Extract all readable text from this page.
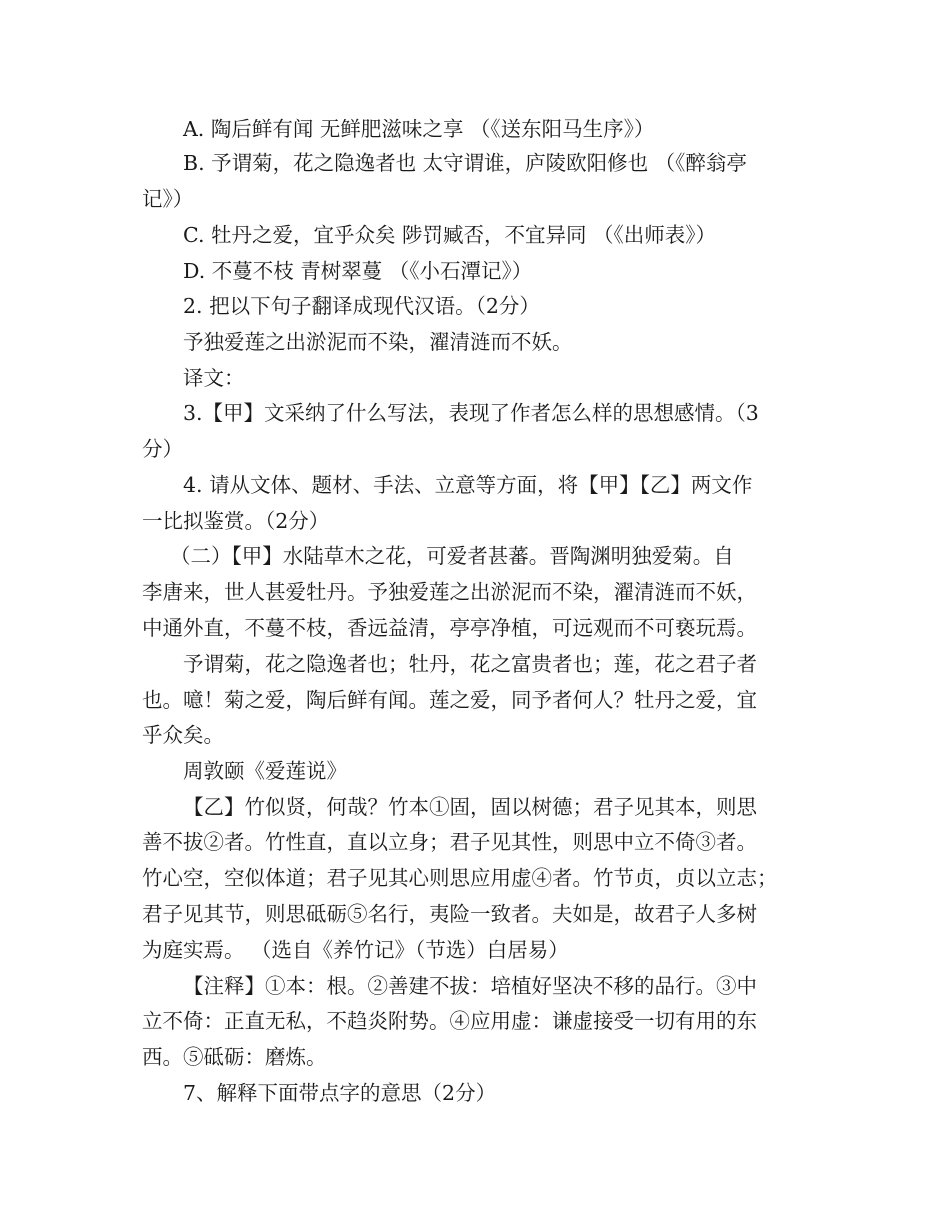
A. 陶后鲜有闻 无鲜肥滋味之享 （《送东阳马生序》）
B. 予谓菊，花之隐逸者也 太守谓谁，庐陵欧阳修也 （《醉翁亭
记》）
C. 牡丹之爱，宜乎众矣 陟罚臧否，不宜异同 （《出师表》）
D. 不蔓不枝 青树翠蔓 （《小石潭记》）
2. 把以下句子翻译成现代汉语。（2分）
予独爱莲之出淤泥而不染，濯清涟而不妖。
译文：
3.【甲】文采纳了什么写法，表现了作者怎么样的思想感情。（3
分）
4. 请从文体、题材、手法、立意等方面，将【甲】【乙】两文作
一比拟鉴赏。（2分）
（二）【甲】水陆草木之花，可爱者甚蕃。晋陶渊明独爱菊。自
李唐来，世人甚爱牡丹。予独爱莲之出淤泥而不染，濯清涟而不妖，
中通外直，不蔓不枝，香远益清，亭亭净植，可远观而不可亵玩焉。
予谓菊，花之隐逸者也；牡丹，花之富贵者也；莲，花之君子者
也。噫！菊之爱，陶后鲜有闻。莲之爱，同予者何人？牡丹之爱，宜
乎众矣。
周敦颐《爱莲说》
【乙】竹似贤，何哉？竹本①固，固以树德；君子见其本，则思
善不拔②者。竹性直，直以立身；君子见其性，则思中立不倚③者。
竹心空，空似体道；君子见其心则思应用虚④者。竹节贞，贞以立志；
君子见其节，则思砥砺⑤名行，夷险一致者。夫如是，故君子人多树
为庭实焉。 （选自《养竹记》（节选）白居易）
【注释】①本：根。②善建不拔：培植好坚决不移的品行。③中
立不倚：正直无私，不趋炎附势。④应用虚：谦虚接受一切有用的东
西。⑤砥砺：磨炼。
7、解释下面带点字的意思（2分）
